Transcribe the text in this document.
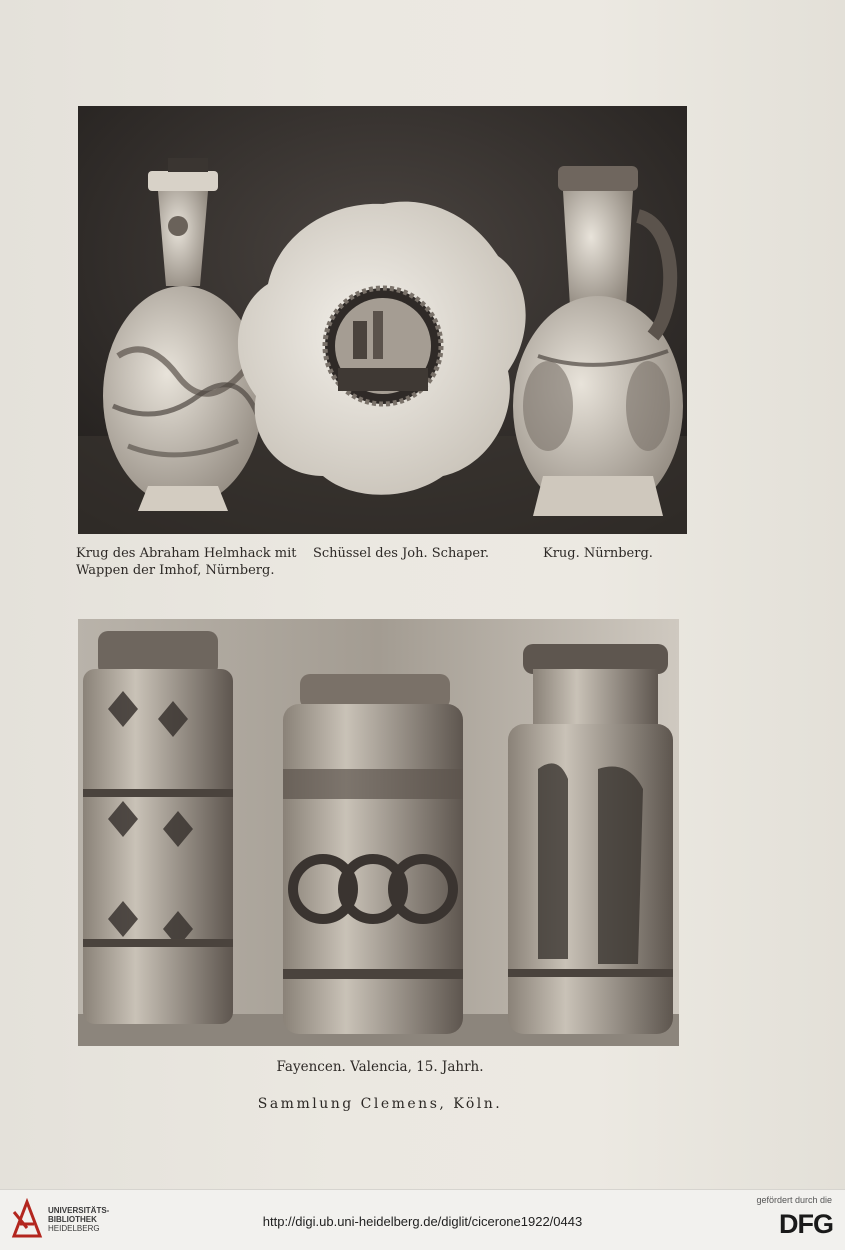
Krug des Abraham Helmhack mit
Wappen der Imhof, Nürnberg.
Schüssel des Joh. Schaper.	Krug. Nürnberg.
Fayencen. Valencia, 15. Jahrh.
Sammlung Clemens, Köln.
UNIVERSITÄTS-
BIBLIOTHEK
HEIDELBERG	http://digi.ub.uni-heidelberg.de/diglit/cicerone1922/0443
gefördert durch die
DFG
